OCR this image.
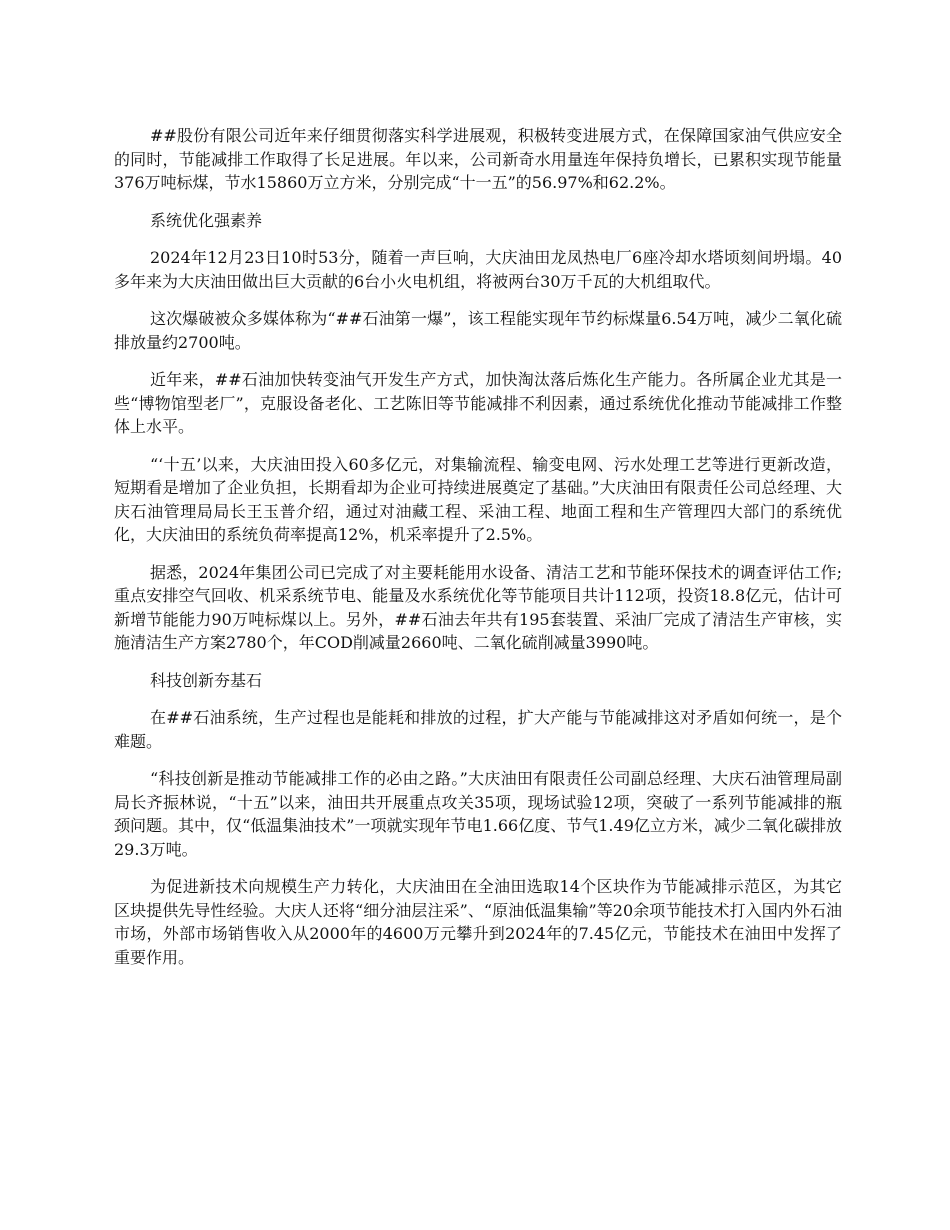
##股份有限公司近年来仔细贯彻落实科学进展观，积极转变进展方式，在保障国家油气供应安全的同时，节能减排工作取得了长足进展。年以来，公司新奇水用量连年保持负增长，已累积实现节能量376万吨标煤，节水15860万立方米，分别完成“十一五”的56.97%和62.2%。

系统优化强素养

2024年12月23日10时53分，随着一声巨响，大庆油田龙凤热电厂6座冷却水塔顷刻间坍塌。40多年来为大庆油田做出巨大贡献的6台小火电机组，将被两台30万千瓦的大机组取代。

这次爆破被众多媒体称为“##石油第一爆”，该工程能实现年节约标煤量6.54万吨，减少二氧化硫排放量约2700吨。

近年来，##石油加快转变油气开发生产方式，加快淘汰落后炼化生产能力。各所属企业尤其是一些“博物馆型老厂”，克服设备老化、工艺陈旧等节能减排不利因素，通过系统优化推动节能减排工作整体上水平。

“‘十五’以来，大庆油田投入60多亿元，对集输流程、输变电网、污水处理工艺等进行更新改造，短期看是增加了企业负担，长期看却为企业可持续进展奠定了基础。”大庆油田有限责任公司总经理、大庆石油管理局局长王玉普介绍，通过对油藏工程、采油工程、地面工程和生产管理四大部门的系统优化，大庆油田的系统负荷率提高12%，机采率提升了2.5%。

据悉，2024年集团公司已完成了对主要耗能用水设备、清洁工艺和节能环保技术的调查评估工作;重点安排空气回收、机采系统节电、能量及水系统优化等节能项目共计112项，投资18.8亿元，估计可新增节能能力90万吨标煤以上。另外，##石油去年共有195套装置、采油厂完成了清洁生产审核，实施清洁生产方案2780个，年COD削减量2660吨、二氧化硫削减量3990吨。

科技创新夯基石

在##石油系统，生产过程也是能耗和排放的过程，扩大产能与节能减排这对矛盾如何统一，是个难题。

“科技创新是推动节能减排工作的必由之路。”大庆油田有限责任公司副总经理、大庆石油管理局副局长齐振林说，“十五”以来，油田共开展重点攻关35项，现场试验12项，突破了一系列节能减排的瓶颈问题。其中，仅“低温集油技术”一项就实现年节电1.66亿度、节气1.49亿立方米，减少二氧化碳排放29.3万吨。

为促进新技术向规模生产力转化，大庆油田在全油田选取14个区块作为节能减排示范区，为其它区块提供先导性经验。大庆人还将“细分油层注采”、“原油低温集输”等20余项节能技术打入国内外石油市场，外部市场销售收入从2000年的4600万元攀升到2024年的7.45亿元，节能技术在油田中发挥了重要作用。
